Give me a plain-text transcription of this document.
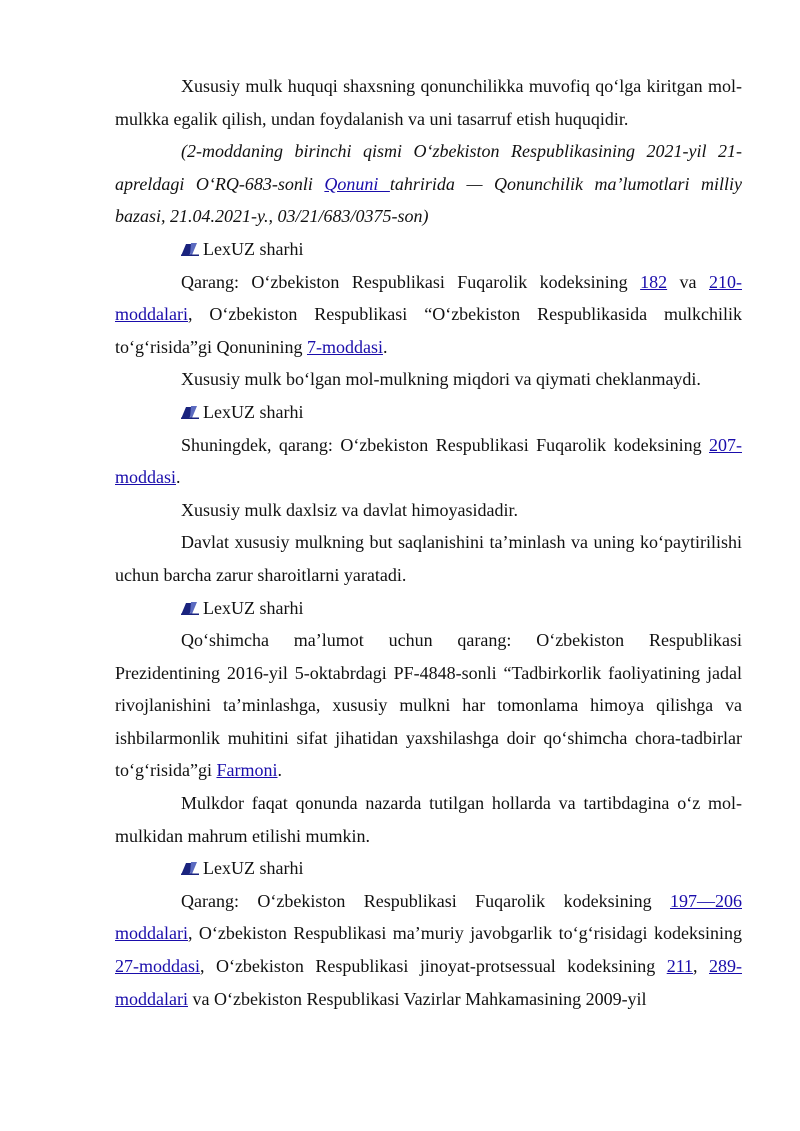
Xususiy mulk huquqi shaxsning qonunchilikka muvofiq qo‘lga kiritgan mol-mulkka egalik qilish, undan foydalanish va uni tasarruf etish huquqidir.

(2-moddaning birinchi qismi O‘zbekiston Respublikasining 2021-yil 21-apreldagi O‘RQ-683-sonli Qonuni tahririda — Qonunchilik ma’lumotlari milliy bazasi, 21.04.2021-y., 03/21/683/0375-son)

LexUZ sharhi

Qarang: O‘zbekiston Respublikasi Fuqarolik kodeksining 182 va 210-moddalari, O‘zbekiston Respublikasi “O‘zbekiston Respublikasida mulkchilik to‘g‘risida”gi Qonunining 7-moddasi.

Xususiy mulk bo‘lgan mol-mulkning miqdori va qiymati cheklanmaydi.

LexUZ sharhi

Shuningdek, qarang: O‘zbekiston Respublikasi Fuqarolik kodeksining 207-moddasi.

Xususiy mulk daxlsiz va davlat himoyasidadir.

Davlat xususiy mulkning but saqlanishini ta’minlash va uning ko‘paytirilishi uchun barcha zarur sharoitlarni yaratadi.

LexUZ sharhi

Qo‘shimcha ma’lumot uchun qarang: O‘zbekiston Respublikasi Prezidentining 2016-yil 5-oktabrdagi PF-4848-sonli “Tadbirkorlik faoliyatining jadal rivojlanishini ta’minlashga, xususiy mulkni har tomonlama himoya qilishga va ishbilarmonlik muhitini sifat jihatidan yaxshilashga doir qo‘shimcha chora-tadbirlar to‘g‘risida”gi Farmoni.

Mulkdor faqat qonunda nazarda tutilgan hollarda va tartibdagina o‘z mol-mulkidan mahrum etilishi mumkin.

LexUZ sharhi

Qarang: O‘zbekiston Respublikasi Fuqarolik kodeksining 197—206 moddalari, O‘zbekiston Respublikasi ma’muriy javobgarlik to‘g‘risidagi kodeksining 27-moddasi, O‘zbekiston Respublikasi jinoyat-protsessual kodeksining 211, 289-moddalari va O‘zbekiston Respublikasi Vazirlar Mahkamasining 2009-yil
